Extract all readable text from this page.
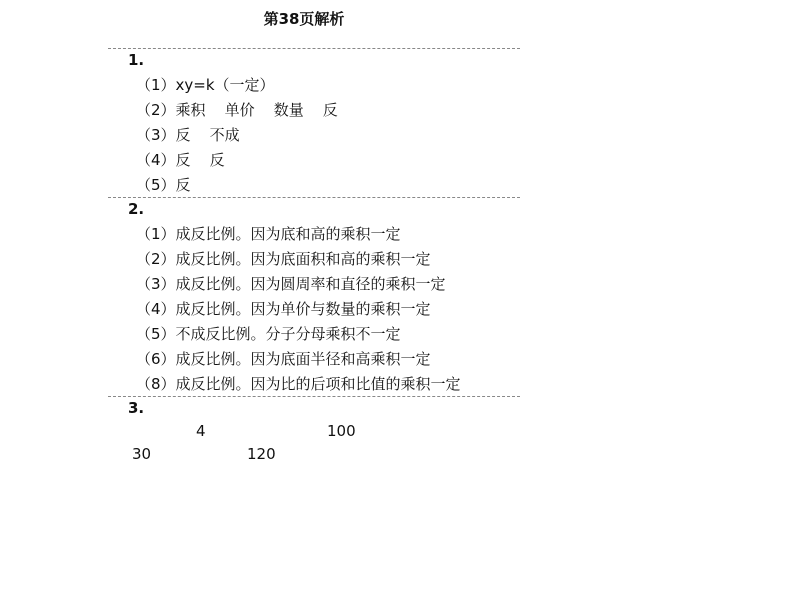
第38页解析
1.
（1）xy=k（一定）
（2）乘积    单价    数量    反
（3）反    不成
（4）反    反
（5）反
2.
（1）成反比例。因为底和高的乘积一定
（2）成反比例。因为底面积和高的乘积一定
（3）成反比例。因为圆周率和直径的乘积一定
（4）成反比例。因为单价与数量的乘积一定
（5）不成反比例。分子分母乘积不一定
（6）成反比例。因为底面半径和高乘积一定
（8）成反比例。因为比的后项和比值的乘积一定
3.
4	100
30	120
